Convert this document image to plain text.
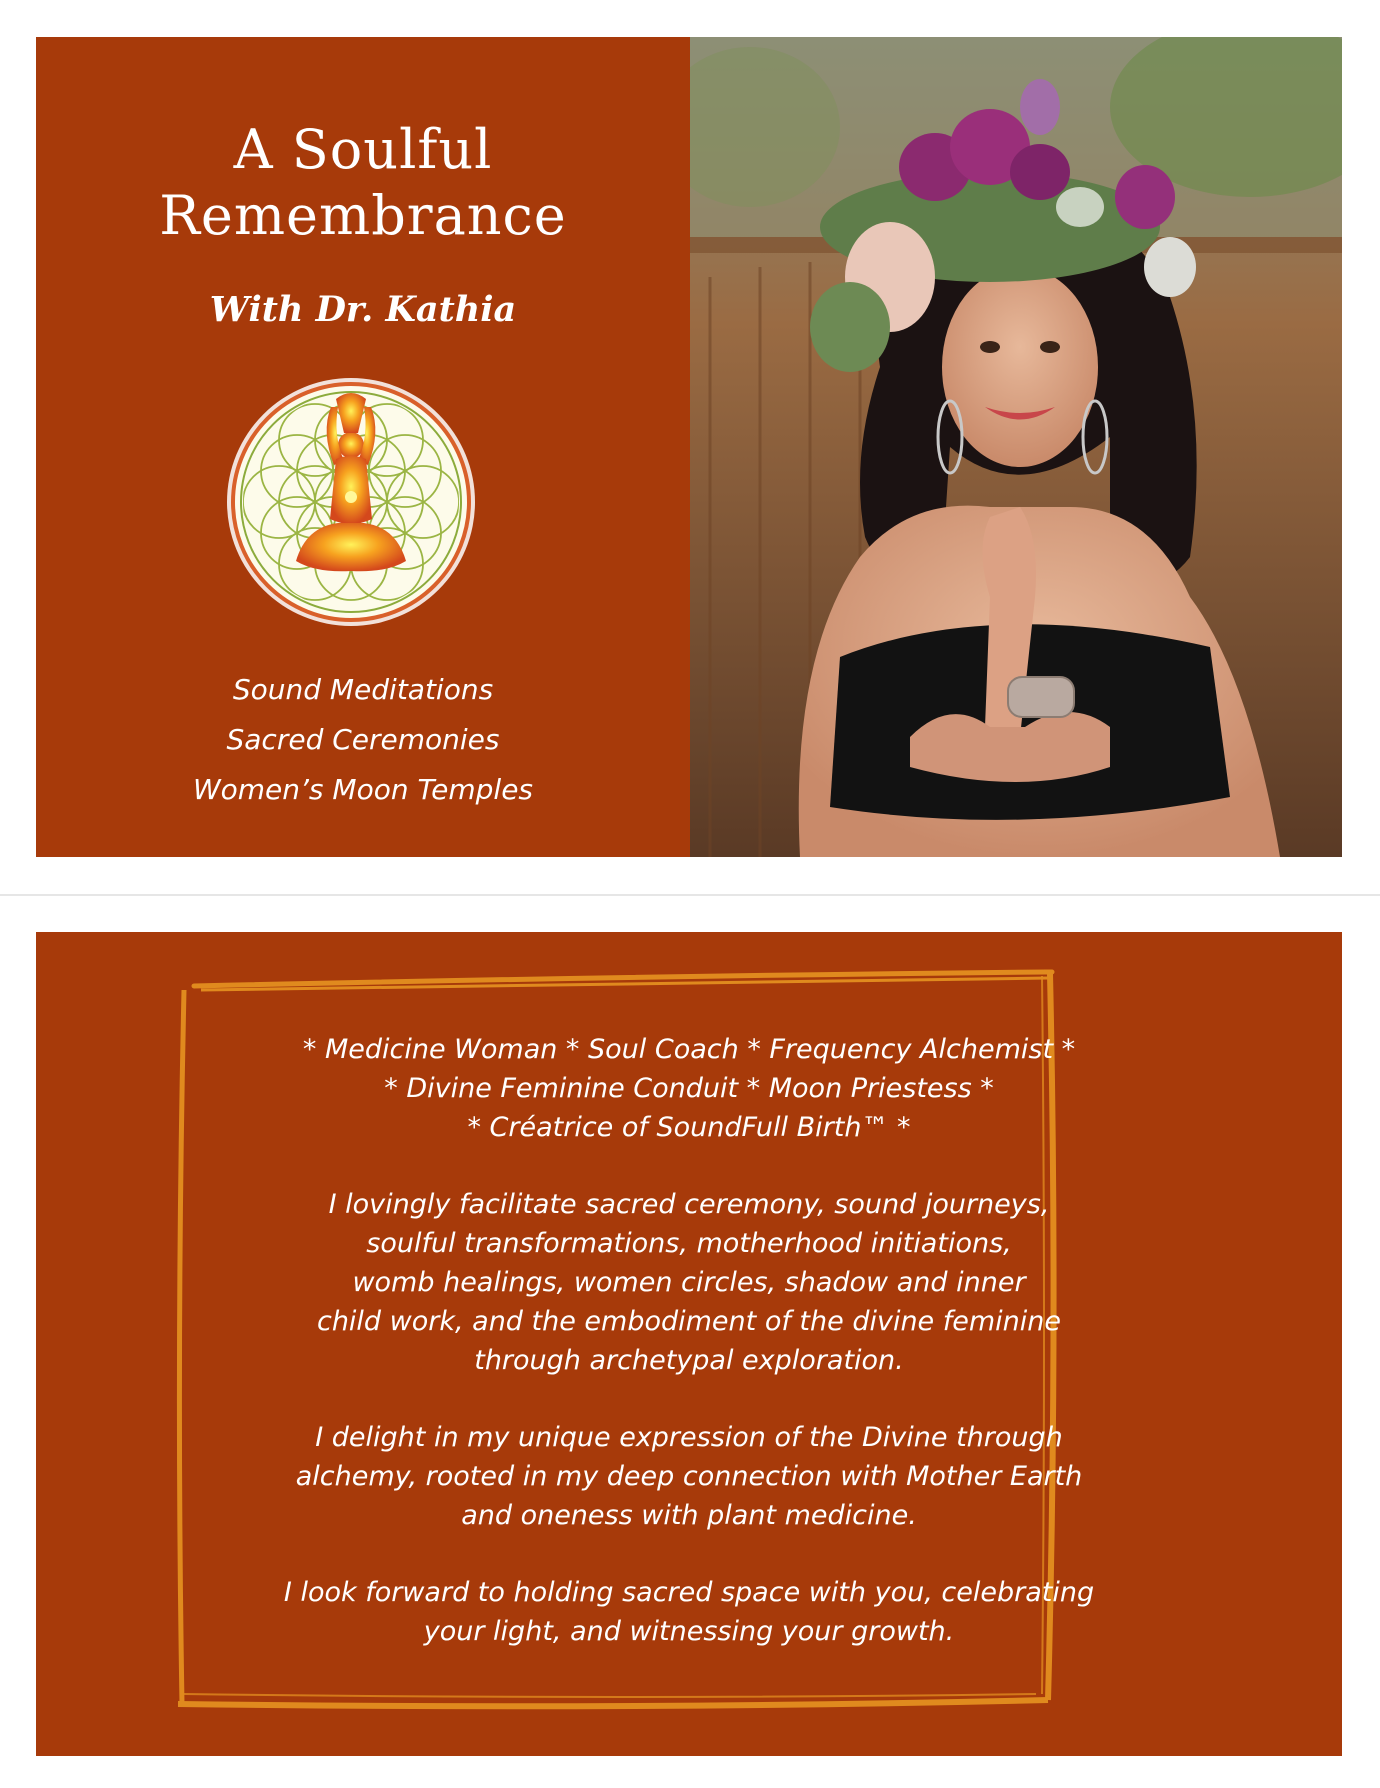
A Soulful
Remembrance
With Dr. Kathia
Sound Meditations
Sacred Ceremonies
Women’s Moon Temples
* Medicine Woman * Soul Coach * Frequency Alchemist *
* Divine Feminine Conduit * Moon Priestess *
* Créatrice of SoundFull Birth™ *
I lovingly facilitate sacred ceremony, sound journeys,
soulful transformations, motherhood initiations,
womb healings, women circles, shadow and inner
child work, and the embodiment of the divine feminine
through archetypal exploration.
I delight in my unique expression of the Divine through
alchemy, rooted in my deep connection with Mother Earth
and oneness with plant medicine.
I look forward to holding sacred space with you, celebrating
your light, and witnessing your growth.
